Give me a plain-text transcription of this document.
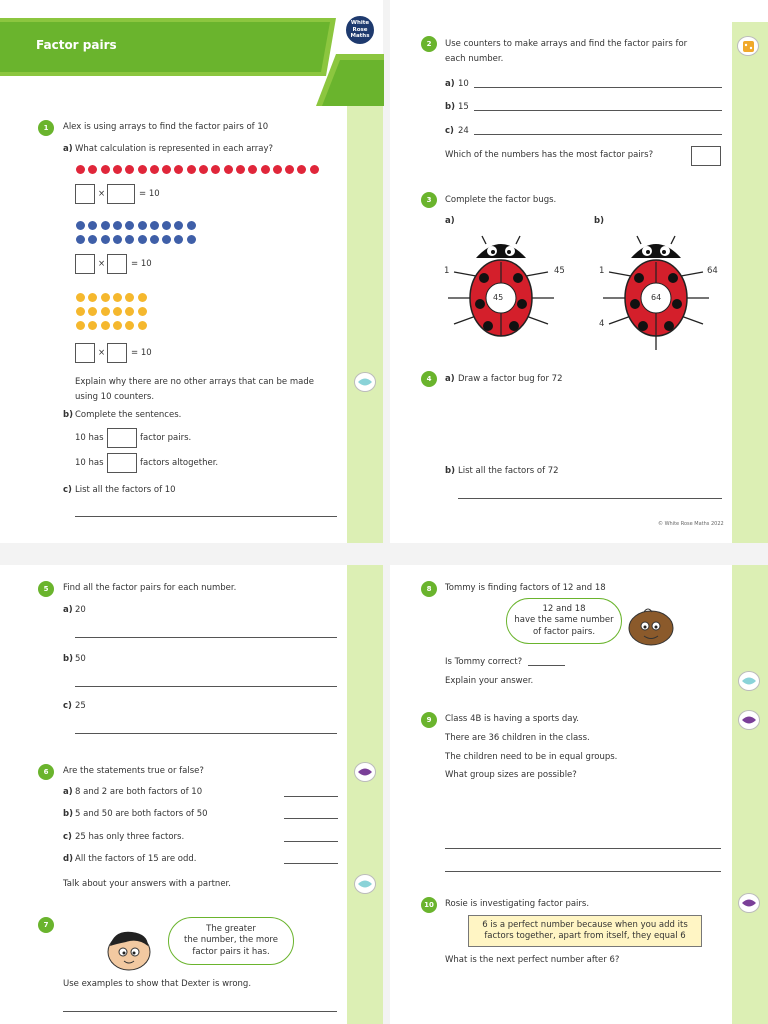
Factor pairs
White
Rose
Maths
1	Alex is using arrays to find the factor pairs of 10
a) What calculation is represented in each array?
×	= 10
×	= 10
×	= 10
Explain why there are no other arrays that can be made
using 10 counters.
b) Complete the sentences.
10 has	factor pairs.
10 has	factors altogether.
c) List all the factors of 10
2	Use counters to make arrays and find the factor pairs for
each number.
a) 10
b) 15
c) 24
Which of the numbers has the most factor pairs?
3	Complete the factor bugs.
a)	b)
45
1	45
64
1	64
4
4	a) Draw a factor bug for 72
b) List all the factors of 72
© White Rose Maths 2022
5	Find all the factor pairs for each number.
a) 20
b) 50
c) 25
6	Are the statements true or false?
a) 8 and 2 are both factors of 10
b) 5 and 50 are both factors of 50
c) 25 has only three factors.
d) All the factors of 15 are odd.
Talk about your answers with a partner.
7	The greater
the number, the more
factor pairs it has.
Use examples to show that Dexter is wrong.
8	Tommy is finding factors of 12 and 18
12 and 18
have the same number
of factor pairs.
Is Tommy correct?
Explain your answer.
9	Class 4B is having a sports day.
There are 36 children in the class.
The children need to be in equal groups.
What group sizes are possible?
10	Rosie is investigating factor pairs.
6 is a perfect number because when you add its
factors together, apart from itself, they equal 6
What is the next perfect number after 6?
